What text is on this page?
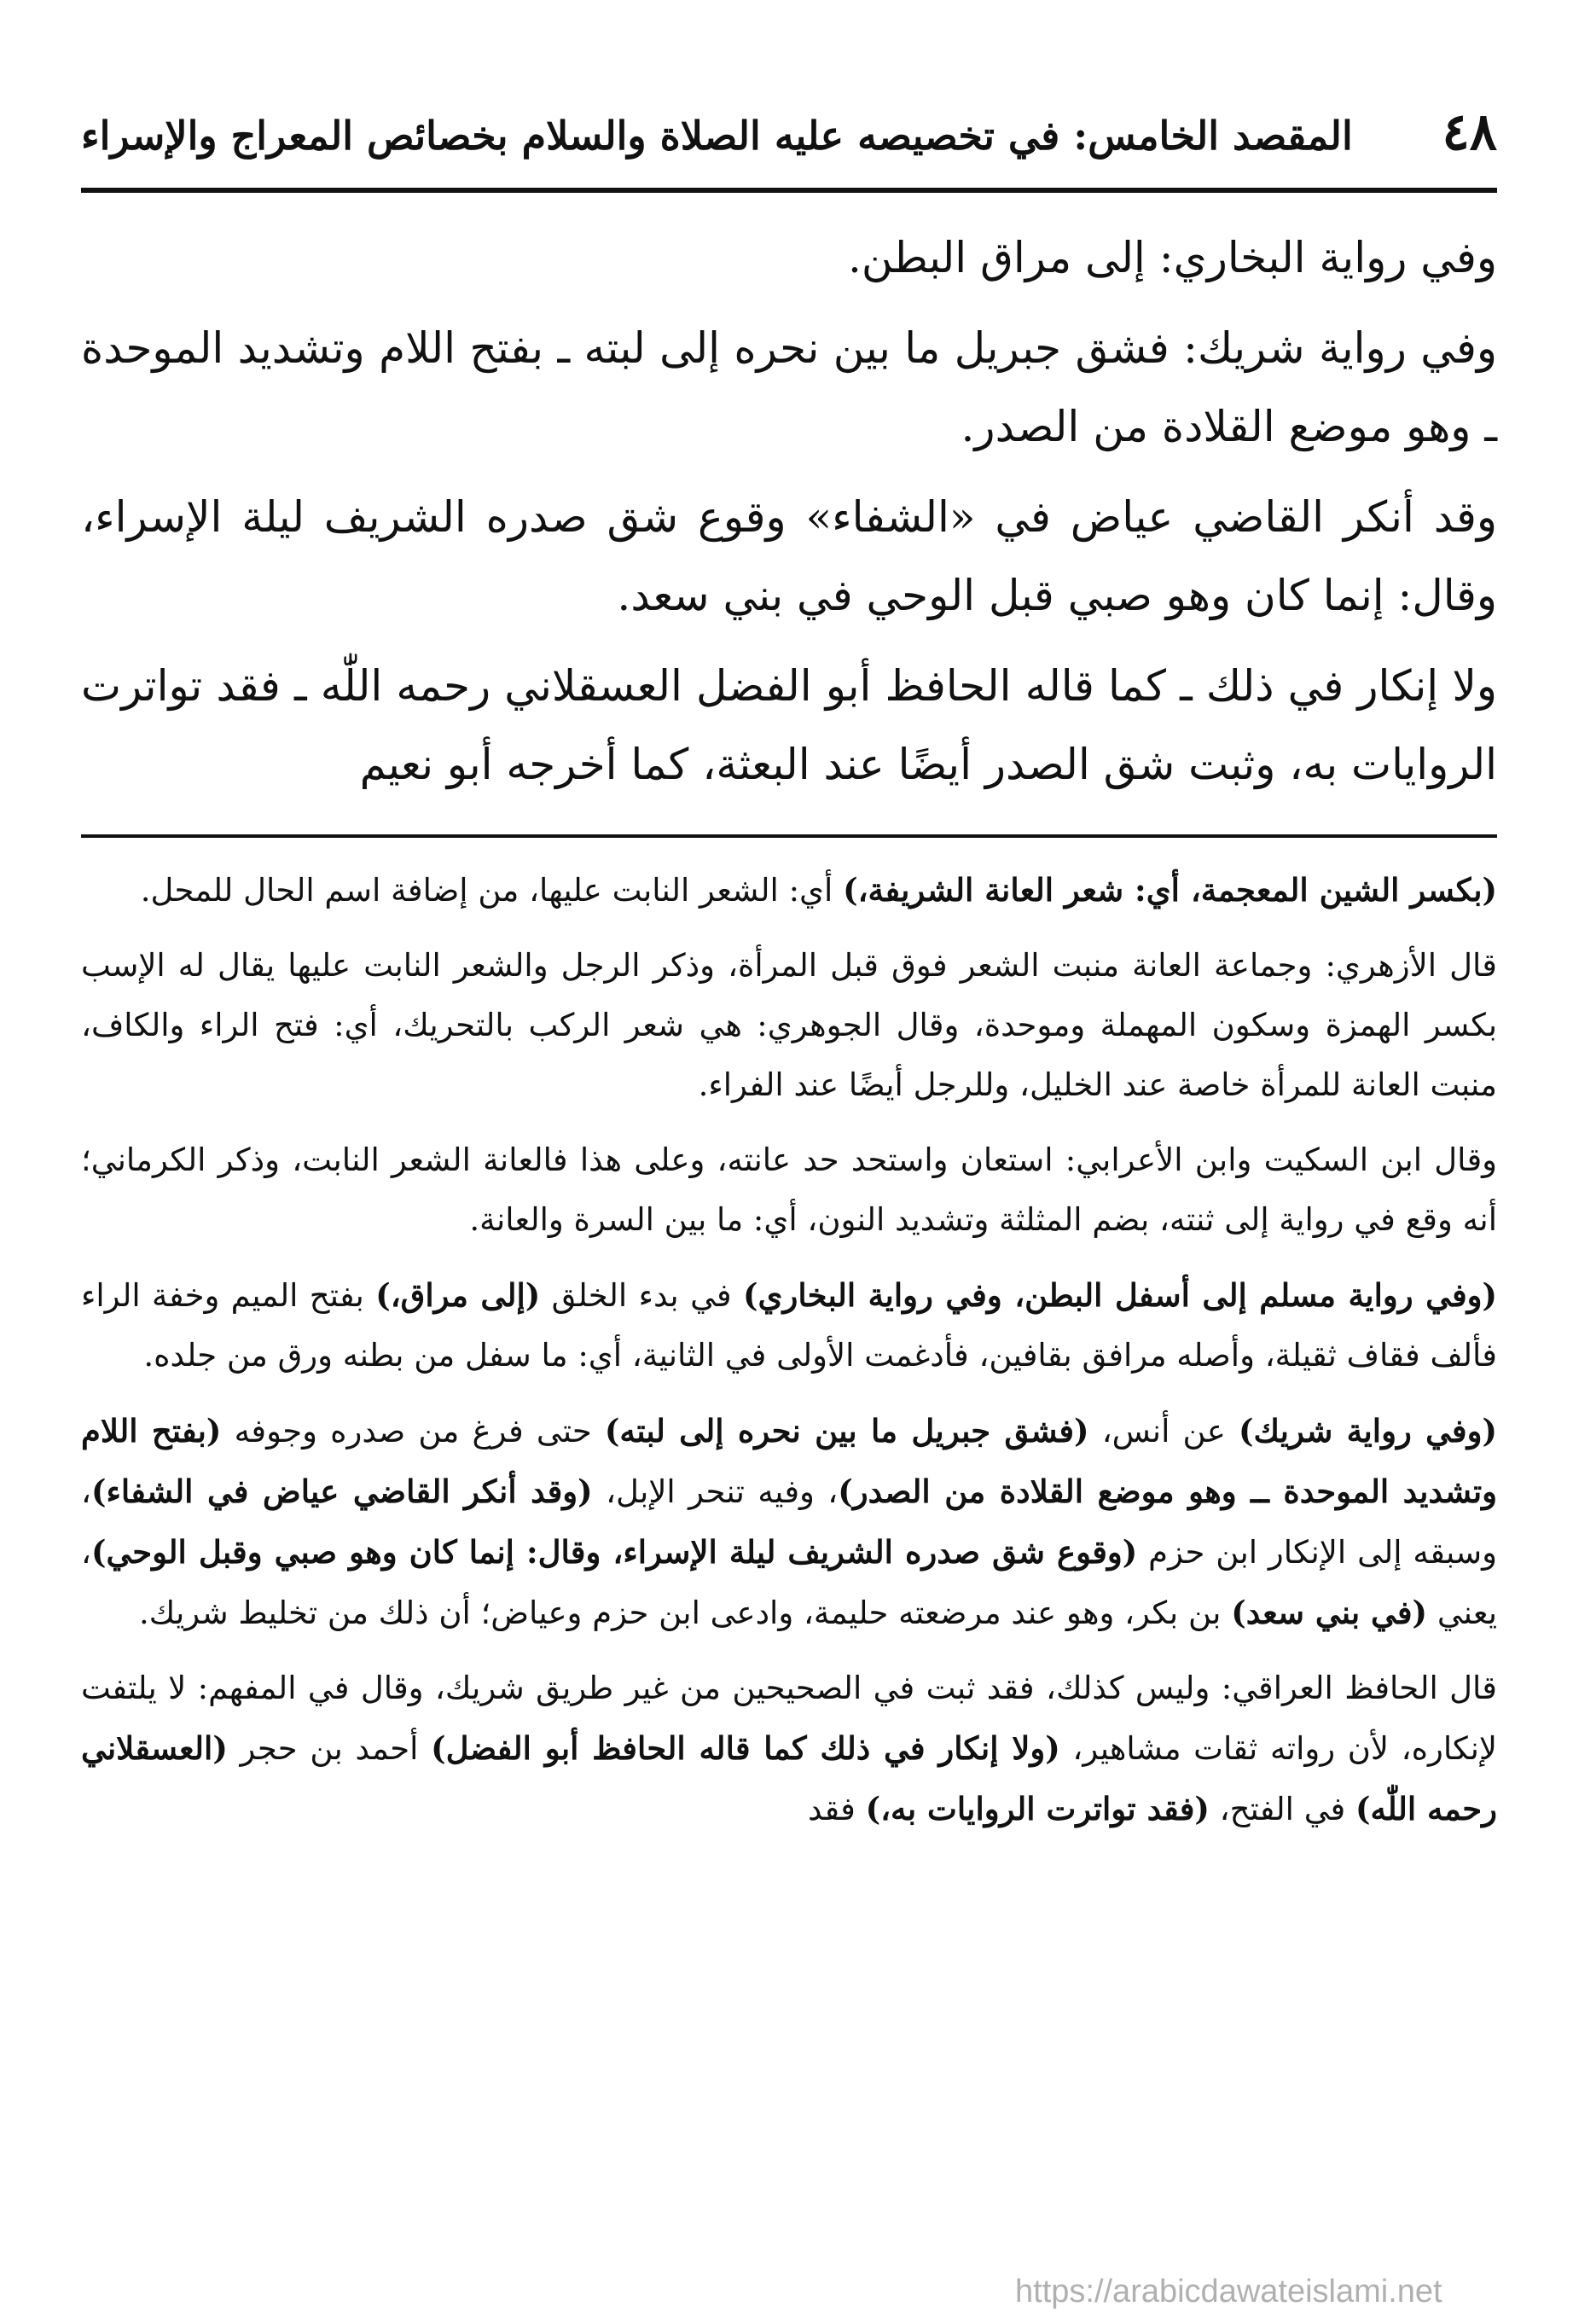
٤٨
المقصد الخامس: في تخصيصه عليه الصلاة والسلام بخصائص المعراج والإسراء

وفي رواية البخاري: إلى مراق البطن.

وفي رواية شريك: فشق جبريل ما بين نحره إلى لبته ـ بفتح اللام وتشديد الموحدة ـ وهو موضع القلادة من الصدر.

وقد أنكر القاضي عياض في «الشفاء» وقوع شق صدره الشريف ليلة الإسراء، وقال: إنما كان وهو صبي قبل الوحي في بني سعد.

ولا إنكار في ذلك ـ كما قاله الحافظ أبو الفضل العسقلاني رحمه اللّٰه ـ فقد تواترت الروايات به، وثبت شق الصدر أيضًا عند البعثة، كما أخرجه أبو نعيم

(بكسر الشين المعجمة، أي: شعر العانة الشريفة،) أي: الشعر النابت عليها، من إضافة اسم الحال للمحل.

قال الأزهري: وجماعة العانة منبت الشعر فوق قبل المرأة، وذكر الرجل والشعر النابت عليها يقال له الإسب بكسر الهمزة وسكون المهملة وموحدة، وقال الجوهري: هي شعر الركب بالتحريك، أي: فتح الراء والكاف، منبت العانة للمرأة خاصة عند الخليل، وللرجل أيضًا عند الفراء.

وقال ابن السكيت وابن الأعرابي: استعان واستحد حد عانته، وعلى هذا فالعانة الشعر النابت، وذكر الكرماني؛ أنه وقع في رواية إلى ثنته، بضم المثلثة وتشديد النون، أي: ما بين السرة والعانة.

(وفي رواية مسلم إلى أسفل البطن، وفي رواية البخاري) في بدء الخلق (إلى مراق،) بفتح الميم وخفة الراء فألف فقاف ثقيلة، وأصله مرافق بقافين، فأدغمت الأولى في الثانية، أي: ما سفل من بطنه ورق من جلده.

(وفي رواية شريك) عن أنس، (فشق جبريل ما بين نحره إلى لبته) حتى فرغ من صدره وجوفه (بفتح اللام وتشديد الموحدة ــ وهو موضع القلادة من الصدر)، وفيه تنحر الإبل، (وقد أنكر القاضي عياض في الشفاء)، وسبقه إلى الإنكار ابن حزم (وقوع شق صدره الشريف ليلة الإسراء، وقال: إنما كان وهو صبي وقبل الوحي)، يعني (في بني سعد) بن بكر، وهو عند مرضعته حليمة، وادعى ابن حزم وعياض؛ أن ذلك من تخليط شريك.

قال الحافظ العراقي: وليس كذلك، فقد ثبت في الصحيحين من غير طريق شريك، وقال في المفهم: لا يلتفت لإنكاره، لأن رواته ثقات مشاهير، (ولا إنكار في ذلك كما قاله الحافظ أبو الفضل) أحمد بن حجر (العسقلاني رحمه اللّٰه) في الفتح، (فقد تواترت الروايات به،) فقد

https://arabicdawateislami.net
